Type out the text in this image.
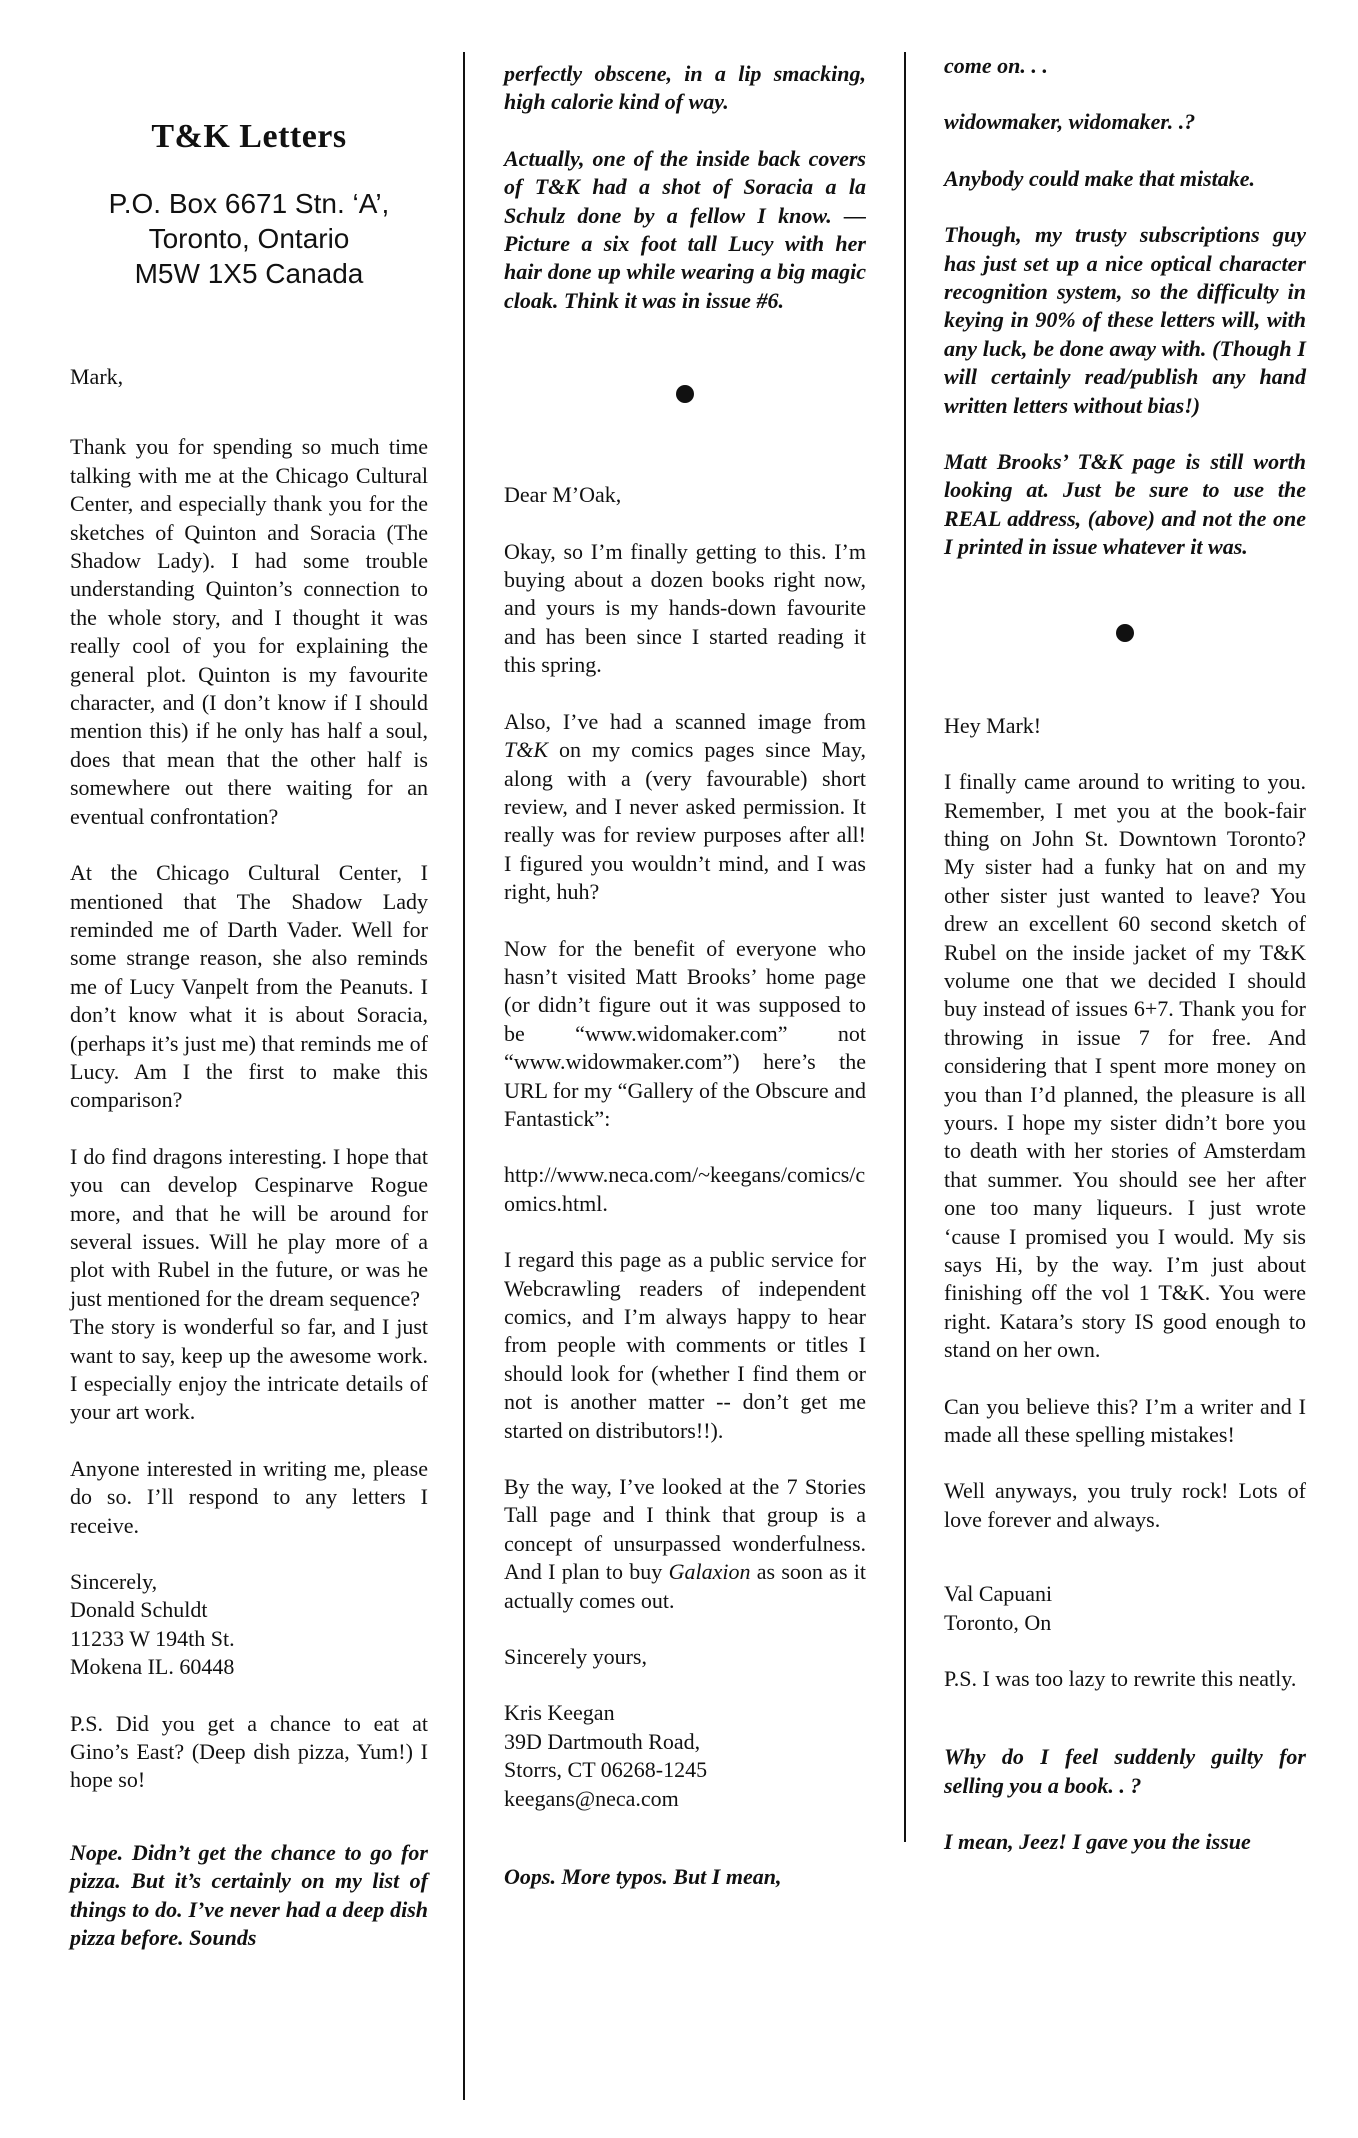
T&K Letters
P.O. Box 6671 Stn. ‘A’,
Toronto, Ontario
M5W 1X5 Canada

Mark,

Thank you for spending so much time talking with me at the Chicago Cultural Center, and especially thank you for the sketches of Quinton and Soracia (The Shadow Lady). I had some trouble understanding Quinton’s connection to the whole story, and I thought it was really cool of you for explaining the general plot. Quinton is my favourite character, and (I don’t know if I should mention this) if he only has half a soul, does that mean that the other half is somewhere out there waiting for an eventual confrontation?

At the Chicago Cultural Center, I mentioned that The Shadow Lady reminded me of Darth Vader. Well for some strange reason, she also reminds me of Lucy Vanpelt from the Peanuts. I don’t know what it is about Soracia, (perhaps it’s just me) that reminds me of Lucy. Am I the first to make this comparison?

I do find dragons interesting. I hope that you can develop Cespinarve Rogue more, and that he will be around for several issues. Will he play more of a plot with Rubel in the future, or was he just mentioned for the dream sequence?

The story is wonderful so far, and I just want to say, keep up the awesome work. I especially enjoy the intricate details of your art work.

Anyone interested in writing me, please do so. I’ll respond to any letters I receive.

Sincerely,
Donald Schuldt
11233 W 194th St.
Mokena IL. 60448

P.S. Did you get a chance to eat at Gino’s East? (Deep dish pizza, Yum!) I hope so!

Nope. Didn’t get the chance to go for pizza. But it’s certainly on my list of things to do. I’ve never had a deep dish pizza before. Sounds

perfectly obscene, in a lip smacking, high calorie kind of way.

Actually, one of the inside back covers of T&K had a shot of Soracia a la Schulz done by a fellow I know. —Picture a six foot tall Lucy with her hair done up while wearing a big magic cloak. Think it was in issue #6.

Dear M’Oak,

Okay, so I’m finally getting to this. I’m buying about a dozen books right now, and yours is my hands-down favourite and has been since I started reading it this spring.

Also, I’ve had a scanned image from T&K on my comics pages since May, along with a (very favourable) short review, and I never asked permission. It really was for review purposes after all! I figured you wouldn’t mind, and I was right, huh?

Now for the benefit of everyone who hasn’t visited Matt Brooks’ home page (or didn’t figure out it was supposed to be “www.widomaker.com” not “www.widowmaker.com”) here’s the URL for my “Gallery of the Obscure and Fantastick”:

http://www.neca.com/~keegans/comics/comics.html.

I regard this page as a public service for Webcrawling readers of independent comics, and I’m always happy to hear from people with comments or titles I should look for (whether I find them or not is another matter -- don’t get me started on distributors!!).

By the way, I’ve looked at the 7 Stories Tall page and I think that group is a concept of unsurpassed wonderfulness. And I plan to buy Galaxion as soon as it actually comes out.

Sincerely yours,

Kris Keegan
39D Dartmouth Road,
Storrs, CT 06268-1245
keegans@neca.com

Oops. More typos. But I mean,

come on. . .

widowmaker, widomaker. .?

Anybody could make that mistake.

Though, my trusty subscriptions guy has just set up a nice optical character recognition system, so the difficulty in keying in 90% of these letters will, with any luck, be done away with. (Though I will certainly read/publish any hand written letters without bias!)

Matt Brooks’ T&K page is still worth looking at. Just be sure to use the REAL address, (above) and not the one I printed in issue whatever it was.

Hey Mark!

I finally came around to writing to you. Remember, I met you at the book-fair thing on John St. Downtown Toronto? My sister had a funky hat on and my other sister just wanted to leave? You drew an excellent 60 second sketch of Rubel on the inside jacket of my T&K volume one that we decided I should buy instead of issues 6+7. Thank you for throwing in issue 7 for free. And considering that I spent more money on you than I’d planned, the pleasure is all yours. I hope my sister didn’t bore you to death with her stories of Amsterdam that summer. You should see her after one too many liqueurs. I just wrote ‘cause I promised you I would. My sis says Hi, by the way. I’m just about finishing off the vol 1 T&K. You were right. Katara’s story IS good enough to stand on her own.

Can you believe this? I’m a writer and I made all these spelling mistakes!

Well anyways, you truly rock! Lots of love forever and always.

Val Capuani
Toronto, On

P.S. I was too lazy to rewrite this neatly.

Why do I feel suddenly guilty for selling you a book. . ?

I mean, Jeez! I gave you the issue
